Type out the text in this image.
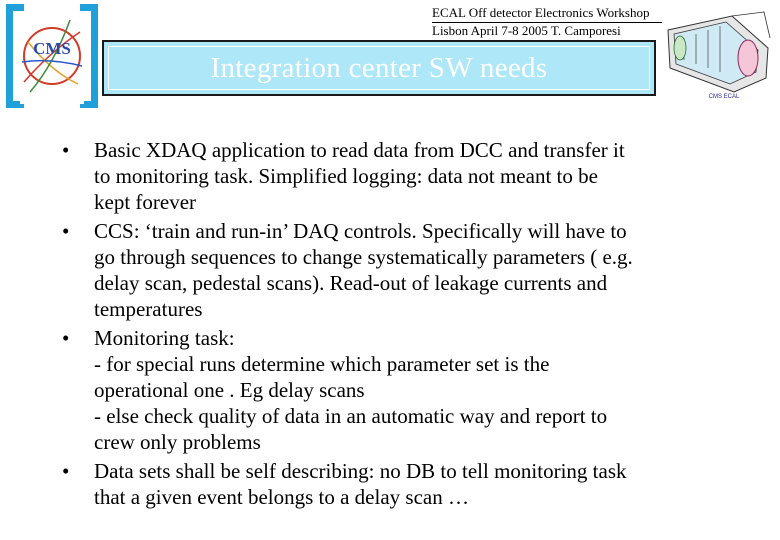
CMS
ECAL Off detector Electronics Workshop
Lisbon April 7-8 2005 T. Camporesi
Integration center SW needs
CMS ECAL
• Basic XDAQ application to read data from DCC and transfer it
to monitoring task. Simplified logging: data not meant to be
kept forever
• CCS: ‘train and run-in’ DAQ controls. Specifically will have to
go through sequences to change systematically parameters ( e.g.
delay scan, pedestal scans). Read-out of leakage currents and
temperatures
• Monitoring task:
- for special runs determine which parameter set is the
operational one . Eg delay scans
- else check quality of data in an automatic way and report to
crew only problems
• Data sets shall be self describing: no DB to tell monitoring task
that a given event belongs to a delay scan …
